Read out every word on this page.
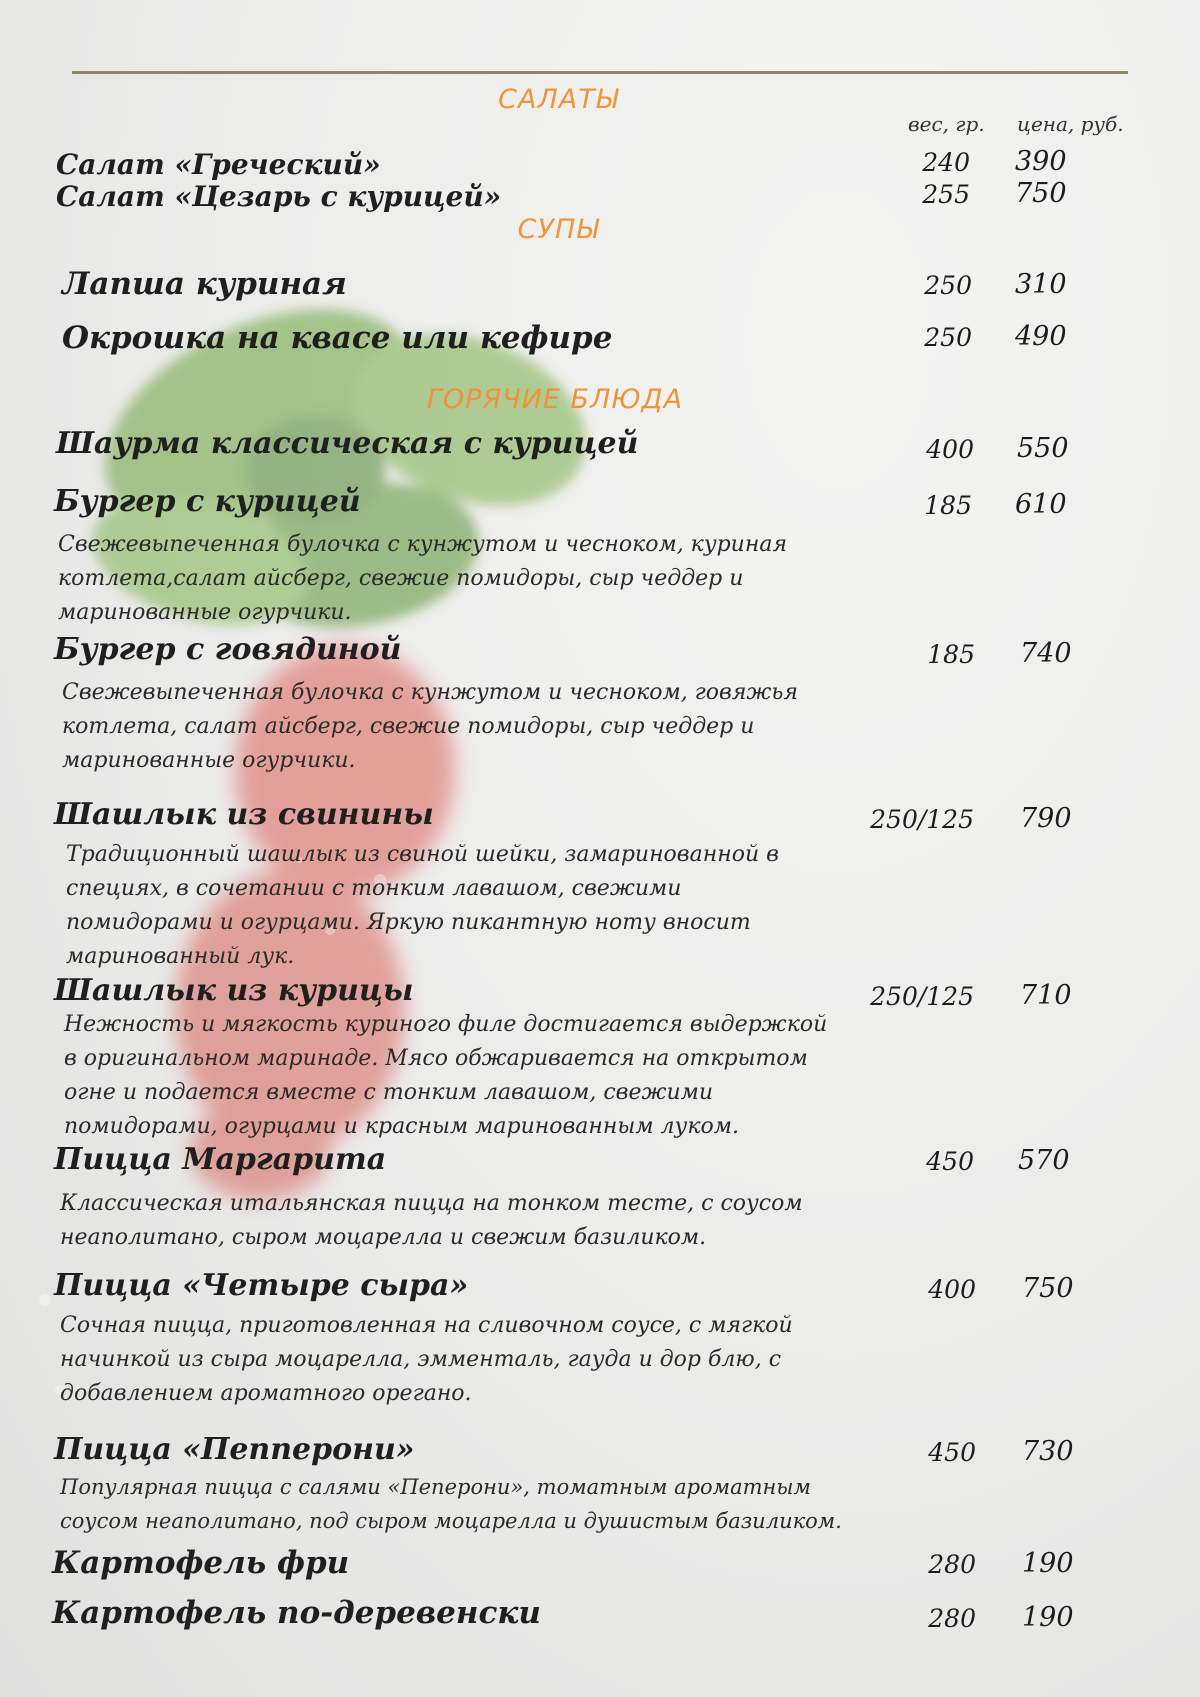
САЛАТЫ
вес, гр. цена, руб.
Салат «Греческий»	240 390
Салат «Цезарь с курицей»	255 750
СУПЫ
Лапша куриная	250 310
Окрошка на квасе или кефире	250 490
ГОРЯЧИЕ БЛЮДА
Шаурма классическая с курицей	400 550
Бургер с курицей	185 610
Свежевыпеченная булочка с кунжутом и чесноком, куриная
котлета,салат айсберг, свежие помидоры, сыр чеддер и
маринованные огурчики.
Бургер с говядиной	185 740
Свежевыпеченная булочка с кунжутом и чесноком, говяжья
котлета, салат айсберг, свежие помидоры, сыр чеддер и
маринованные огурчики.
Шашлык из свинины	250/125 790
Традиционный шашлык из свиной шейки, замаринованной в
специях, в сочетании с тонким лавашом, свежими
помидорами и огурцами. Яркую пикантную ноту вносит
маринованный лук.
Шашлык из курицы	250/125 710
Нежность и мягкость куриного филе достигается выдержкой
в оригинальном маринаде. Мясо обжаривается на открытом
огне и подается вместе с тонким лавашом, свежими
помидорами, огурцами и красным маринованным луком.
Пицца Маргарита	450 570
Классическая итальянская пицца на тонком тесте, с соусом
неаполитано, сыром моцарелла и свежим базиликом.
Пицца «Четыре сыра»	400 750
Сочная пицца, приготовленная на сливочном соусе, с мягкой
начинкой из сыра моцарелла, эмменталь, гауда и дор блю, с
добавлением ароматного орегано.
Пицца «Пепперони»	450 730
Популярная пицца с салями «Пеперони», томатным ароматным
соусом неаполитано, под сыром моцарелла и душистым базиликом.
Картофель фри	280 190
Картофель по-деревенски	280 190
